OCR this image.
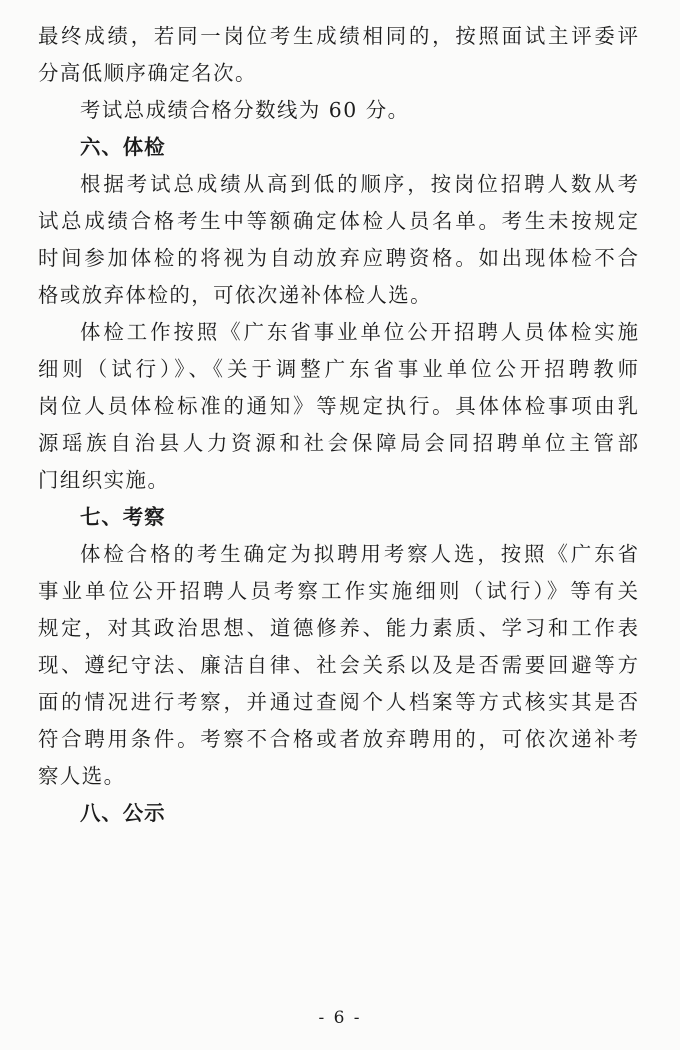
最终成绩，若同一岗位考生成绩相同的，按照面试主评委评
分高低顺序确定名次。
考试总成绩合格分数线为 60 分。
六、体检
根据考试总成绩从高到低的顺序，按岗位招聘人数从考
试总成绩合格考生中等额确定体检人员名单。考生未按规定
时间参加体检的将视为自动放弃应聘资格。如出现体检不合
格或放弃体检的，可依次递补体检人选。
体检工作按照《广东省事业单位公开招聘人员体检实施
细则（试行）》、《关于调整广东省事业单位公开招聘教师
岗位人员体检标准的通知》等规定执行。具体体检事项由乳
源瑶族自治县人力资源和社会保障局会同招聘单位主管部
门组织实施。
七、考察
体检合格的考生确定为拟聘用考察人选，按照《广东省
事业单位公开招聘人员考察工作实施细则（试行）》等有关
规定，对其政治思想、道德修养、能力素质、学习和工作表
现、遵纪守法、廉洁自律、社会关系以及是否需要回避等方
面的情况进行考察，并通过查阅个人档案等方式核实其是否
符合聘用条件。考察不合格或者放弃聘用的，可依次递补考
察人选。
八、公示
- 6 -
